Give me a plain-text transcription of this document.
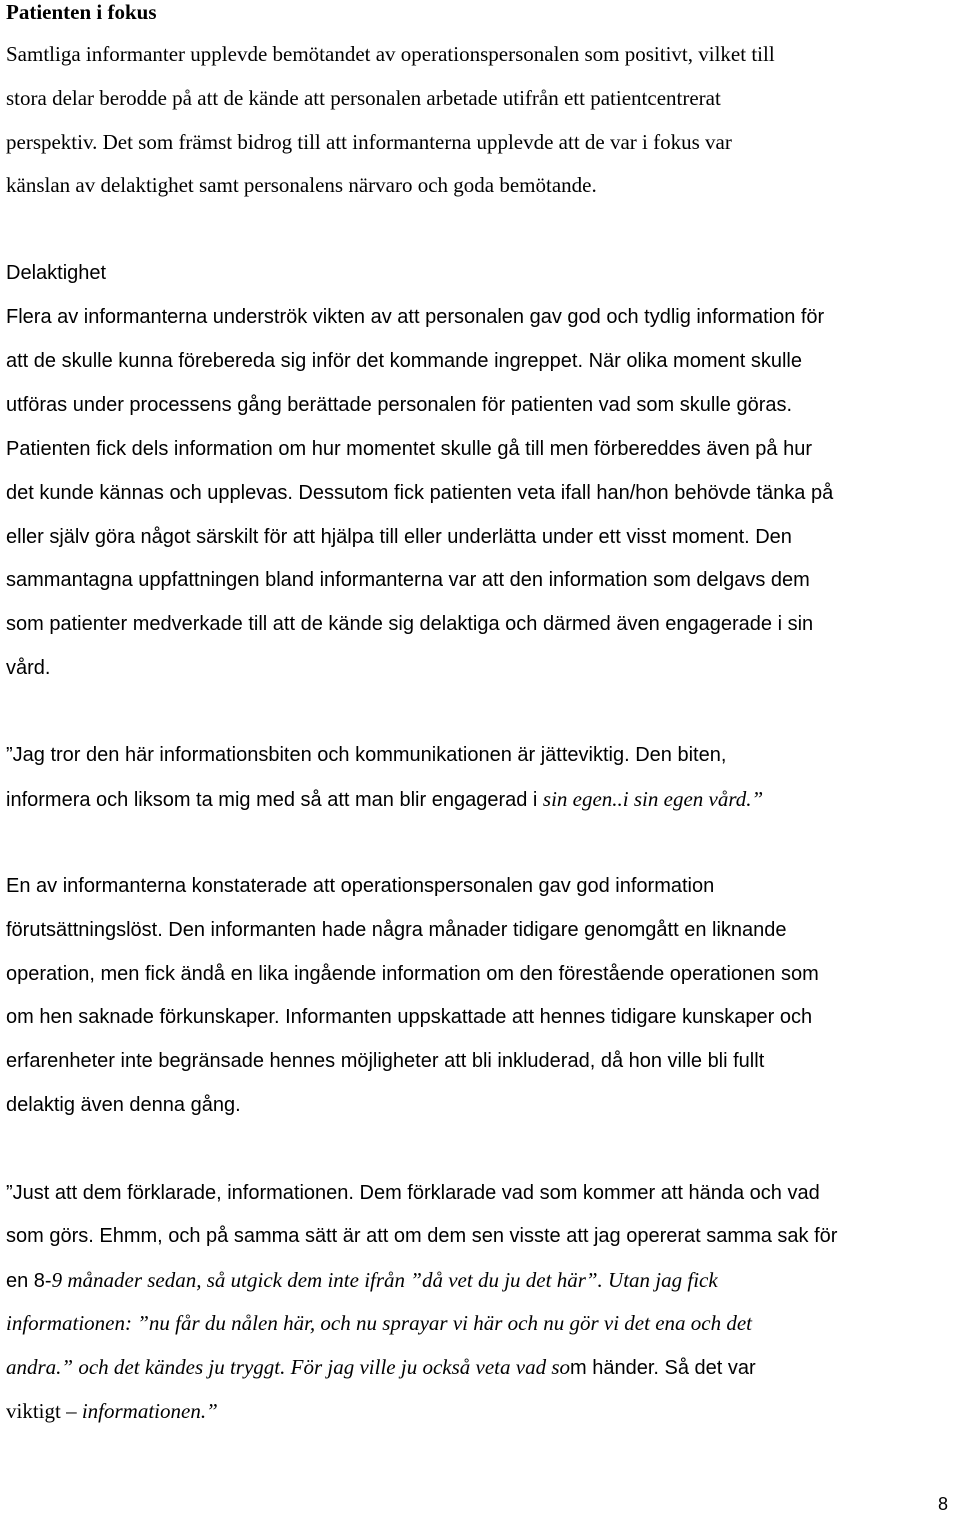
Patienten i fokus
Samtliga informanter upplevde bemötandet av operationspersonalen som positivt, vilket till
stora delar berodde på att de kände att personalen arbetade utifrån ett patientcentrerat
perspektiv. Det som främst bidrog till att informanterna upplevde att de var i fokus var
känslan av delaktighet samt personalens närvaro och goda bemötande.
Delaktighet
Flera av informanterna underströk vikten av att personalen gav god och tydlig information för
att de skulle kunna förebereda sig inför det kommande ingreppet. När olika moment skulle
utföras under processens gång berättade personalen för patienten vad som skulle göras.
Patienten fick dels information om hur momentet skulle gå till men förbereddes även på hur
det kunde kännas och upplevas. Dessutom fick patienten veta ifall han/hon behövde tänka på
eller själv göra något särskilt för att hjälpa till eller underlätta under ett visst moment. Den
sammantagna uppfattningen bland informanterna var att den information som delgavs dem
som patienter medverkade till att de kände sig delaktiga och därmed även engagerade i sin
vård.
”Jag tror den här informationsbiten och kommunikationen är jätteviktig. Den biten,
informera och liksom ta mig med så att man blir engagerad i sin egen..i sin egen vård.”
En av informanterna konstaterade att operationspersonalen gav god information
förutsättningslöst. Den informanten hade några månader tidigare genomgått en liknande
operation, men fick ändå en lika ingående information om den förestående operationen som
om hen saknade förkunskaper. Informanten uppskattade att hennes tidigare kunskaper och
erfarenheter inte begränsade hennes möjligheter att bli inkluderad, då hon ville bli fullt
delaktig även denna gång.
”Just att dem förklarade, informationen. Dem förklarade vad som kommer att hända och vad
som görs. Ehmm, och på samma sätt är att om dem sen visste att jag opererat samma sak för
en 8-9 månader sedan, så utgick dem inte ifrån ”då vet du ju det här”. Utan jag fick
informationen: ”nu får du nålen här, och nu sprayar vi här och nu gör vi det ena och det
andra.” och det kändes ju tryggt. För jag ville ju också veta vad som händer. Så det var
viktigt – informationen.”
8
